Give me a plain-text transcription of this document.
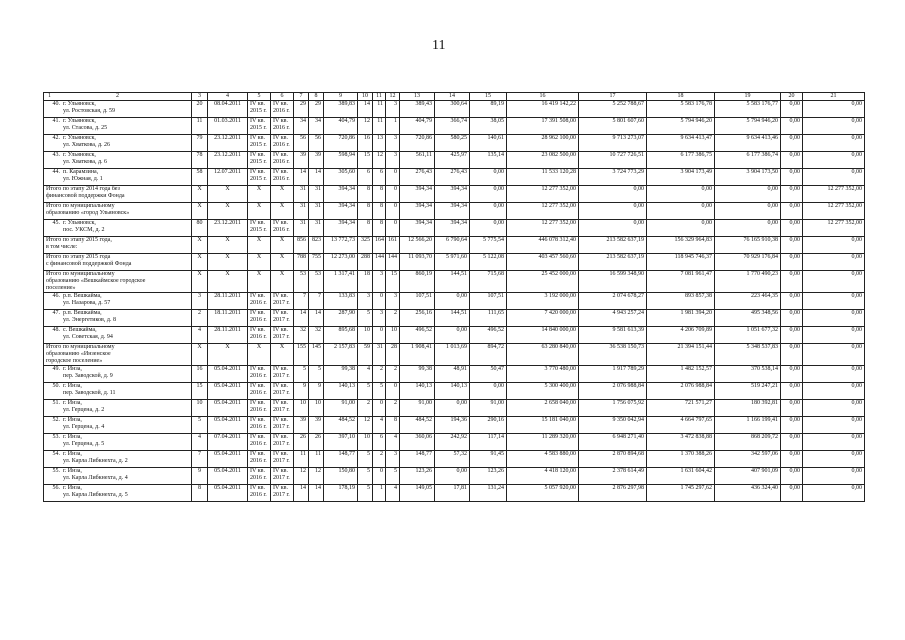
11
1 2	3	4	5	6	7	8	9	10	11	12	13	14	15	16	17	18	19	20	21

40. г. Ульяновск,
ул. Ростовская, д. 59	20	08.04.2011	IV кв.
2015 г.	IV кв.
2016 г.	29	29	389,83	14	11	3	389,43	300,64	89,19	16 419 142,22	5 252 788,67	5 583 176,78	5 583 176,77	0,00	0,00

41. г. Ульяновск,
ул. Стасова, д. 25	11	01.03.2011	IV кв.
2015 г.	IV кв.
2016 г.	34	34	404,79	12	11	1	404,79	366,74	38,05	17 391 508,00	5 801 607,60	5 794 946,20	5 794 946,20	0,00	0,00

42. г. Ульяновск,
ул. Хваткова, д. 26	79	23.12.2011	IV кв.
2015 г.	IV кв.
2016 г.	56	56	720,86	16	13	3	720,86	580,25	140,61	28 962 100,00	9 713 273,07	9 634 413,47	9 634 413,46	0,00	0,00

43. г. Ульяновск,
ул. Хваткова, д. 6	78	23.12.2011	IV кв.
2015 г.	IV кв.
2016 г.	39	39	598,94	15	12	3	561,11	425,97	135,14	23 082 500,00	10 727 726,51	6 177 386,75	6 177 386,74	0,00	0,00

44. п. Карамзина,
ул. Южная, д. 1	58	12.07.2011	IV кв.
2015 г.	IV кв.
2016 г.	14	14	305,60	6	6	0	276,43	276,43	0,00	11 533 120,28	3 724 773,29	3 904 173,49	3 904 173,50	0,00	0,00

Итого по этапу 2014 года без
финансовой поддержки Фонда	X	X	X	X	31	31	394,34	8	8	0	394,34	394,34	0,00	12 277 352,00	0,00	0,00	0,00	0,00	12 277 352,00

Итого по муниципальному
образованию «город Ульяновск»	X	X	X	X	31	31	394,34	8	8	0	394,34	394,34	0,00	12 277 352,00	0,00	0,00	0,00	0,00	12 277 352,00

45. г. Ульяновск,
пос. УКСМ, д. 2	80	23.12.2011	IV кв.
2015 г.	IV кв.
2016 г.	31	31	394,34	8	8	0	394,34	394,34	0,00	12 277 352,00	0,00	0,00	0,00	0,00	12 277 352,00

Итого по этапу 2015 года,
в том числе:	X	X	X	X	856	823	13 772,73	325	164	161	12 566,20	6 790,64	5 775,54	446 078 312,40	213 582 637,19	156 329 964,83	76 165 910,38	0,00	0,00

Итого по этапу 2015 года
с финансовой поддержкой Фонда	X	X	X	X	788	755	12 273,00	288	144	144	11 093,70	5 971,60	5 122,08	403 457 560,60	213 582 637,19	118 945 746,37	70 929 176,84	0,00	0,00

Итого по муниципальному
образованию «Вешкаймское городское
поселение»	X	X	X	X	53	53	1 317,41	18	3	15	860,19	144,51	715,68	25 452 000,00	16 599 348,90	7 081 961,47	1 770 490,23	0,00	0,00

46. р.п. Вешкайма,
ул. Назарова, д. 57	3	28.11.2011	IV кв.
2016 г.	IV кв.
2017 г.	7	7	133,83	3	0	3	107,51	0,00	107,51	3 192 000,00	2 074 678,27	893 857,38	223 464,35	0,00	0,00

47. р.п. Вешкайма,
ул. Энергетиков, д. 8	2	18.11.2011	IV кв.
2016 г.	IV кв.
2017 г.	14	14	287,90	5	3	2	256,16	144,51	111,65	7 420 000,00	4 943 257,24	1 981 394,20	495 348,56	0,00	0,00

48. с. Вешкайма,
ул. Советская, д. 94	4	28.11.2011	IV кв.
2016 г.	IV кв.
2017 г.	32	32	895,68	10	0	10	496,52	0,00	496,52	14 840 000,00	9 581 613,39	4 206 709,89	1 051 677,32	0,00	0,00

Итого по муниципальному
образованию «Инзенское
городское поселение»	X	X	X	X	155	145	2 157,83	59	31	28	1 908,41	1 013,69	894,72	63 280 840,00	36 538 150,73	21 394 151,44	5 348 537,83	0,00	0,00

49. г. Инза,
пер. Заводской, д. 9	16	05.04.2011	IV кв.
2016 г.	IV кв.
2017 г.	5	5	99,38	4	2	2	99,38	48,91	50,47	3 770 480,00	1 917 789,29	1 482 152,57	370 538,14	0,00	0,00

50. г. Инза,
пер. Заводской, д. 11	15	05.04.2011	IV кв.
2016 г.	IV кв.
2017 г.	9	9	140,13	5	5	0	140,13	140,13	0,00	5 300 400,00	2 076 988,84	2 076 988,84	519 247,21	0,00	0,00

51. г. Инза,
ул. Герцена, д. 2	10	05.04.2011	IV кв.
2016 г.	IV кв.
2017 г.	10	10	91,00	2	0	2	91,00	0,00	91,00	2 658 040,00	1 756 075,92	721 571,27	180 392,81	0,00	0,00

52. г. Инза,
ул. Герцена, д. 4	5	05.04.2011	IV кв.
2016 г.	IV кв.
2017 г.	39	39	484,52	12	4	8	484,52	194,36	290,16	15 181 040,00	9 350 042,94	4 664 797,65	1 166 199,41	0,00	0,00

53. г. Инза,
ул. Герцена, д. 5	4	07.04.2011	IV кв.
2016 г.	IV кв.
2017 г.	26	26	397,10	10	6	4	360,06	242,92	117,14	11 289 320,00	6 948 271,40	3 472 838,88	868 209,72	0,00	0,00

54. г. Инза,
ул. Карла Либкнехта, д. 2	7	05.04.2011	IV кв.
2016 г.	IV кв.
2017 г.	11	11	148,77	5	2	3	148,77	57,32	91,45	4 583 880,00	2 870 894,68	1 370 388,26	342 597,06	0,00	0,00

55. г. Инза,
ул. Карла Либкнехта, д. 4	9	05.04.2011	IV кв.
2016 г.	IV кв.
2017 г.	12	12	150,80	5	0	5	123,26	0,00	123,26	4 418 120,00	2 378 614,49	1 631 604,42	407 901,09	0,00	0,00

56. г. Инза,
ул. Карла Либкнехта, д. 5	8	05.04.2011	IV кв.
2016 г.	IV кв.
2017 г.	14	14	178,19	5	1	4	149,05	17,81	131,24	5 057 920,00	2 876 297,98	1 745 297,62	436 324,40	0,00	0,00
